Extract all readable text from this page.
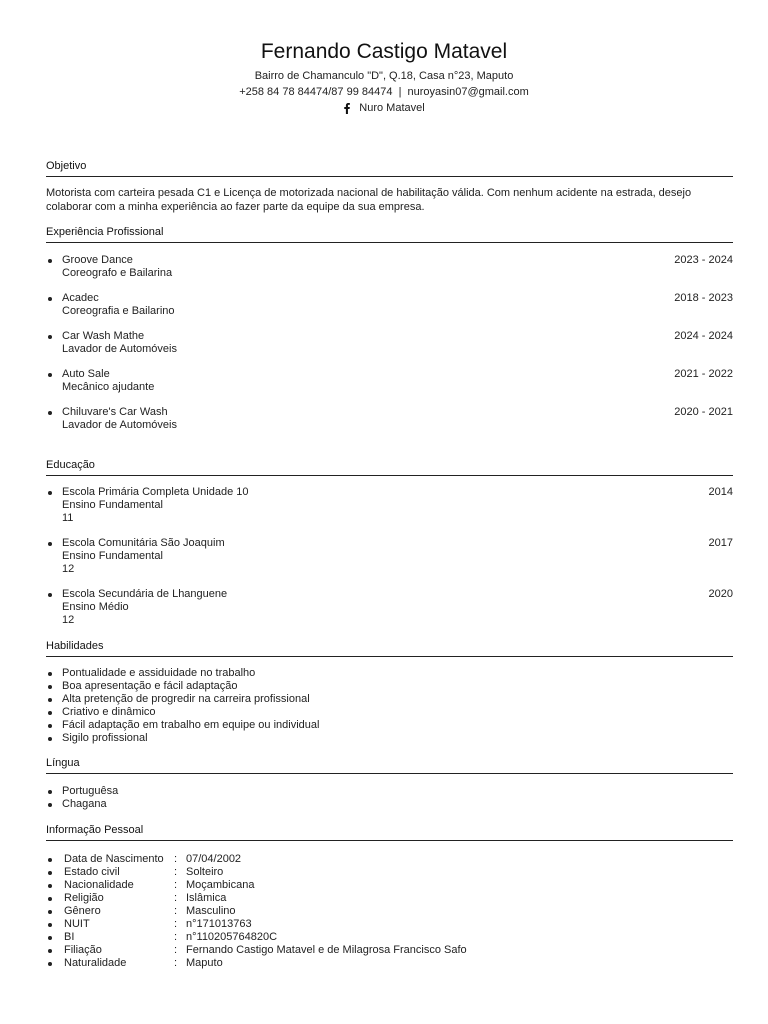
Fernando Castigo Matavel
Bairro de Chamanculo "D", Q.18, Casa n°23, Maputo
+258 84 78 84474/87 99 84474  |  nuroyasin07@gmail.com
Nuro Matavel
Objetivo
Motorista com carteira pesada C1 e Licença de motorizada nacional de habilitação válida. Com nenhum acidente na estrada, desejo colaborar com a minha experiência ao fazer parte da equipe da sua empresa.
Experiência Profissional
Groove Dance
Coreografo e Bailarina
2023 - 2024
Acadec
Coreografia e Bailarino
2018 - 2023
Car Wash Mathe
Lavador de Automóveis
2024 - 2024
Auto Sale
Mecânico ajudante
2021 - 2022
Chiluvare's Car Wash
Lavador de Automóveis
2020 - 2021
Educação
Escola Primária Completa Unidade 10
Ensino Fundamental
11
2014
Escola Comunitária São Joaquim
Ensino Fundamental
12
2017
Escola Secundária de Lhanguene
Ensino Médio
12
2020
Habilidades
Pontualidade e assiduidade no trabalho
Boa apresentação e fácil adaptação
Alta pretenção de progredir na carreira profissional
Criativo e dinâmico
Fácil adaptação em trabalho em equipe ou individual
Sigilo profissional
Língua
Portuguêsa
Chagana
Informação Pessoal
Data de Nascimento : 07/04/2002
Estado civil	: Solteiro
Nacionalidade	: Moçambicana
Religião	: Islâmica
Gênero	: Masculino
NUIT	: n°171013763
BI	: n°110205764820C
Filiação	: Fernando Castigo Matavel e de Milagrosa Francisco Safo
Naturalidade	: Maputo
